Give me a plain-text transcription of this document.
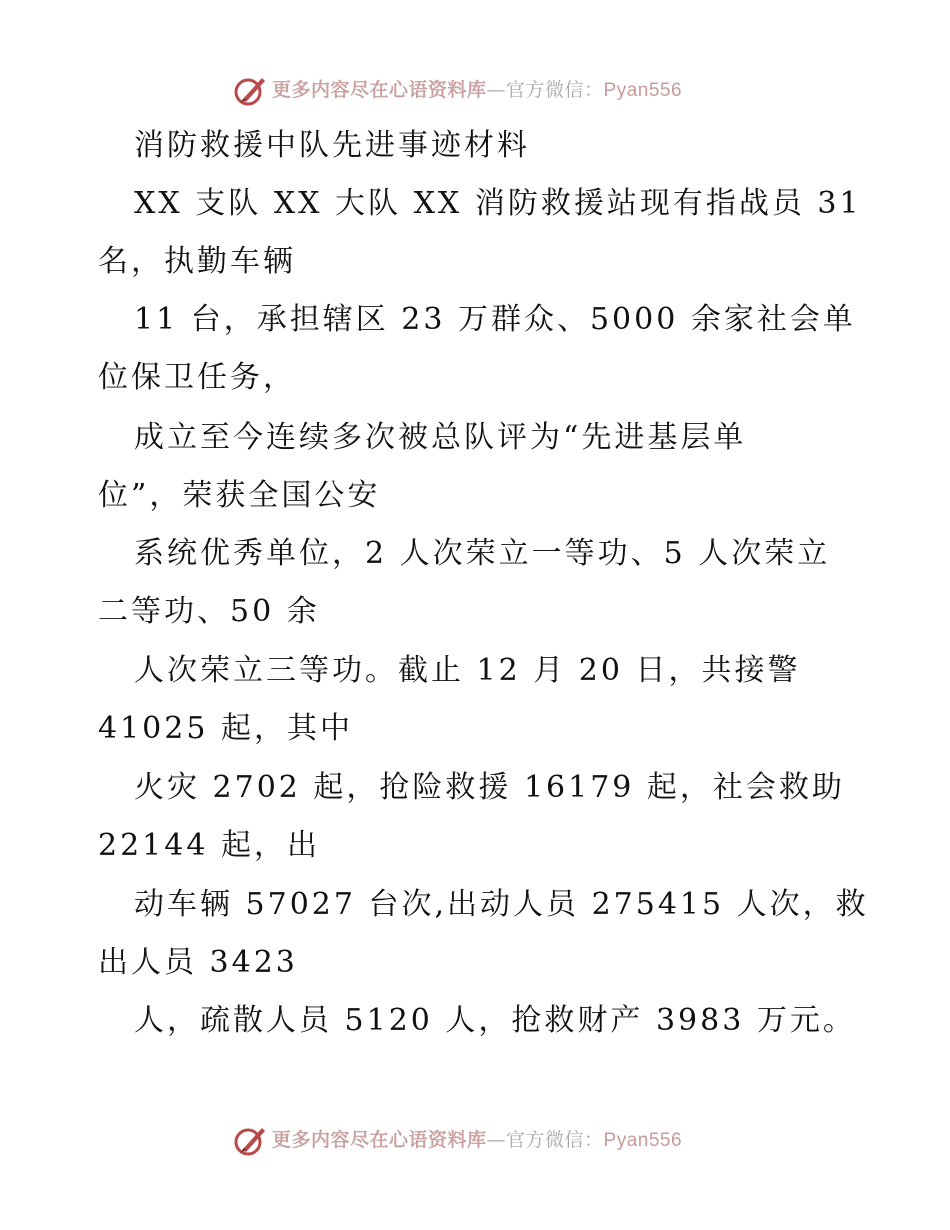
更多内容尽在心语资料库—官方微信：Pyan556
消防救援中队先进事迹材料
XX 支队 XX 大队 XX 消防救援站现有指战员 31
名，执勤车辆
11 台，承担辖区 23 万群众、5000 余家社会单
位保卫任务，
成立至今连续多次被总队评为“先进基层单
位”，荣获全国公安
系统优秀单位，2 人次荣立一等功、5 人次荣立
二等功、50 余
人次荣立三等功。截止 12 月 20 日，共接警
41025 起，其中
火灾 2702 起，抢险救援 16179 起，社会救助
22144 起，出
动车辆 57027 台次,出动人员 275415 人次，救
出人员 3423
人，疏散人员 5120 人，抢救财产 3983 万元。
更多内容尽在心语资料库—官方微信：Pyan556
